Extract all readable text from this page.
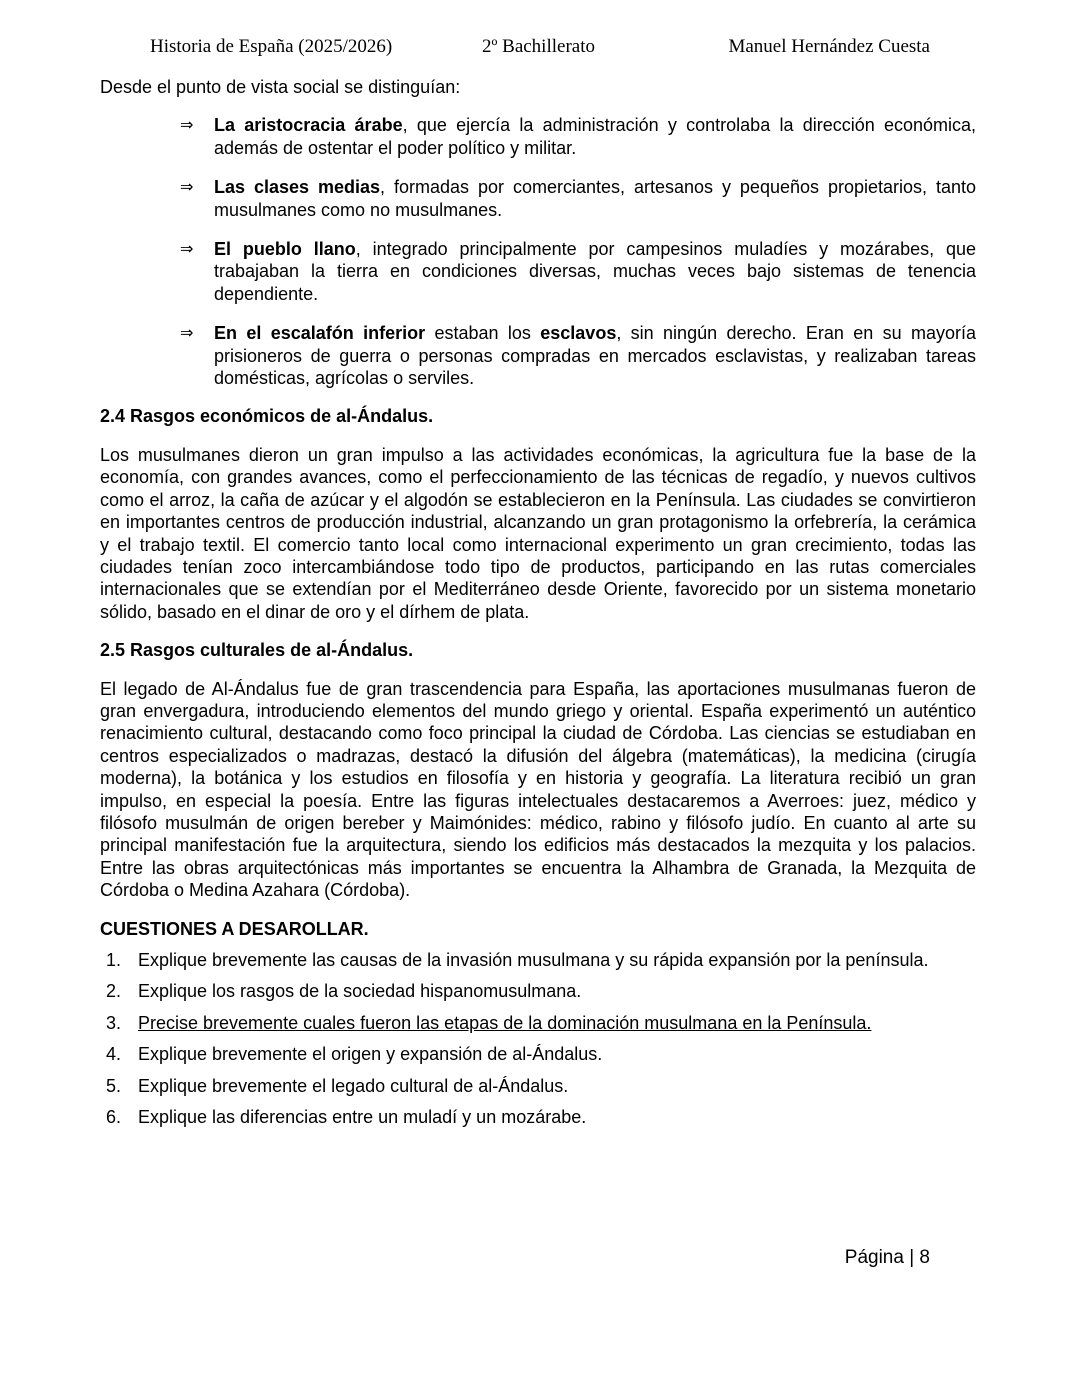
Historia de España (2025/2026)	2º Bachillerato	Manuel Hernández Cuesta

Desde el punto de vista social se distinguían:

⇒ La aristocracia árabe, que ejercía la administración y controlaba la dirección económica, además de ostentar el poder político y militar.
⇒ Las clases medias, formadas por comerciantes, artesanos y pequeños propietarios, tanto musulmanes como no musulmanes.
⇒ El pueblo llano, integrado principalmente por campesinos muladíes y mozárabes, que trabajaban la tierra en condiciones diversas, muchas veces bajo sistemas de tenencia dependiente.
⇒ En el escalafón inferior estaban los esclavos, sin ningún derecho. Eran en su mayoría prisioneros de guerra o personas compradas en mercados esclavistas, y realizaban tareas domésticas, agrícolas o serviles.
2.4 Rasgos económicos de al-Ándalus.

Los musulmanes dieron un gran impulso a las actividades económicas, la agricultura fue la base de la economía, con grandes avances, como el perfeccionamiento de las técnicas de regadío, y nuevos cultivos como el arroz, la caña de azúcar y el algodón se establecieron en la Península. Las ciudades se convirtieron en importantes centros de producción industrial, alcanzando un gran protagonismo la orfebrería, la cerámica y el trabajo textil. El comercio tanto local como internacional experimento un gran crecimiento, todas las ciudades tenían zoco intercambiándose todo tipo de productos, participando en las rutas comerciales internacionales que se extendían por el Mediterráneo desde Oriente, favorecido por un sistema monetario sólido, basado en el dinar de oro y el dírhem de plata.

2.5 Rasgos culturales de al-Ándalus.

El legado de Al-Ándalus fue de gran trascendencia para España, las aportaciones musulmanas fueron de gran envergadura, introduciendo elementos del mundo griego y oriental. España experimentó un auténtico renacimiento cultural, destacando como foco principal la ciudad de Córdoba. Las ciencias se estudiaban en centros especializados o madrazas, destacó la difusión del álgebra (matemáticas), la medicina (cirugía moderna), la botánica y los estudios en filosofía y en historia y geografía. La literatura recibió un gran impulso, en especial la poesía. Entre las figuras intelectuales destacaremos a Averroes: juez, médico y filósofo musulmán de origen bereber y Maimónides: médico, rabino y filósofo judío. En cuanto al arte su principal manifestación fue la arquitectura, siendo los edificios más destacados la mezquita y los palacios. Entre las obras arquitectónicas más importantes se encuentra la Alhambra de Granada, la Mezquita de Córdoba o Medina Azahara (Córdoba).

CUESTIONES A DESAROLLAR.
1. Explique brevemente las causas de la invasión musulmana y su rápida expansión por la península.
2. Explique los rasgos de la sociedad hispanomusulmana.
3. Precise brevemente cuales fueron las etapas de la dominación musulmana en la Península.
4. Explique brevemente el origen y expansión de al-Ándalus.
5. Explique brevemente el legado cultural de al-Ándalus.
6. Explique las diferencias entre un muladí y un mozárabe.
Página | 8
